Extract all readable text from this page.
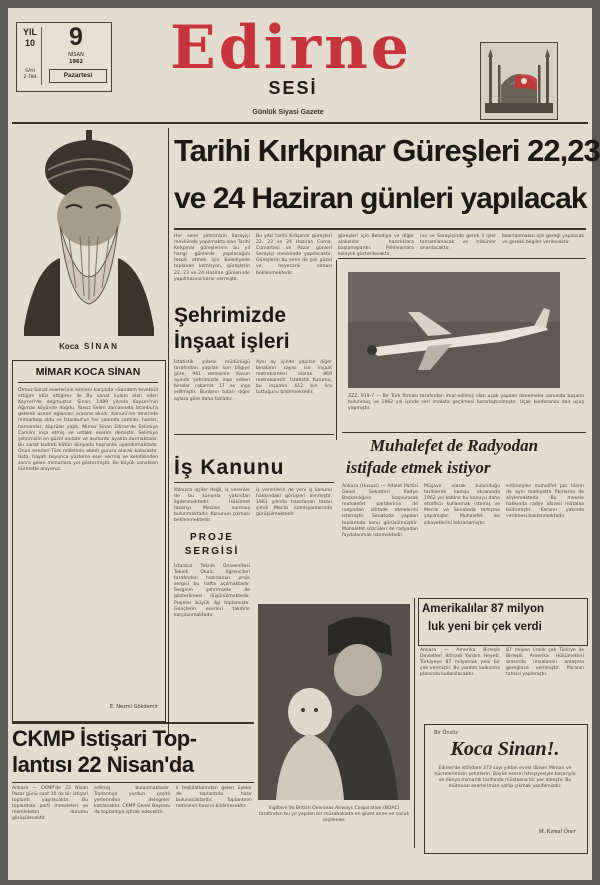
YIL 10
SAYI 2·784
9
NİSAN
1962
Pazartesi	Edirne
SESİ
Günlük Siyasi Gazete
Koca SİNAN
MİMAR KOCA SİNAN
Ölmez Sanat eserlerinin ezmeni karşında «Sanatım tevekkül ettiğim idüs ettiğim» ile Bu sanat kulanı olan eden Kayseri'de doğmuştur. Sinan, 1489 yılında Kayseri'nin Ağırnas köyünde doğdu. Yavuz Selim zamanında Istanbul'a gelerek acemi oğlanları arasına alındı. Kanuni'nin devrinde mimarbaşı oldu ve İstanbul'un her yanında camiler, hanlar, hamamlar, köprüler yaptı. Mimar Sinan Edirne'de Selimiye Camiini inşa etmiş ve ustalık eserim demiştir. Selimiye şehrimizin en güzel anıtıdır ve asırlardır ayakta durmaktadır. Bu sanat kudreti bütün dünyada hayranlık uyandırmaktadır. Onun eserleri Türk milletinin ebedi gururu olarak kalacaktır. Usta, hayatı boyunca yüzlerce eser vermiş ve kendisinden sonra gelen mimarlara yol göstermiştir. Bu büyük sanatkarı hürmetle anıyoruz.
E. Nezmi Gökdemir
Tarihi Kırkpınar Güreşleri 22,23
ve 24 Haziran günleri yapılacak
Her sene şehrimizin Sarayiçi mevkiinde yapılmakta olan Tarihi Kırkpınar güreşlerinin bu yıl hangi günlerde yapılacağını tespit etmek için Belediyede toplanan komisyon, güreşlerin 22, 23 ve 24 Haziran günlerinde yapılmasına karar vermiştir.
Bu yılki tarihi Kırkpınar güreşleri 22, 23 ve 24 Haziran Cuma, Cumartesi ve Pazar günleri Sarayiçi mevkiinde yapılacaktır. Güreşlerin bu sene de çok güzel ve heyecanlı olması beklenmektedir.
güreşleri için Belediye ve diğer alakalılar hazırlıklara başlamışlardır. Pehlivanlara kolaylık gösterilecektir.
nıa ve Sarayiçinde gerek li işler tamamlanacak ve tribünler onarılacaktır.
bazırlanmaları için gereği yapılacak ve gerekli bilgiler verilecektir.
Şehrimizde
İnşaat işleri
İstatistik şubesi müdürlüğü tarafından yapılan son bilgiye göre, 961 senesinin Kasım ayında şehrimizde inşa edilen binalar rakamla 17 ev inşa edilmiştir. Bunların tutarı diğer aylara göre daha fazladır.
Aynı ay içinde yapılan diğer binaların sayısı ise inşaat metrekareleri olarak 869 metrekaredir. İstatistik Kurumu, bu inşaatın 612 bin lira tuttuğunu bildirmektedir.
ZZZ. 919-7 — Bir Türk firması tarafından imal edilmiş olan uçak yapılan denemeler sonunda başarılı bulunmuş ve 1962 yılı içinde seri imalata geçilmesi kararlaştırılmıştır. Uçak konferansa dair uçuş yapmıştır.
Muhalefet de Radyodan
istifade etmek istiyor
Ankara (Hususi) — Adalet Partisi Genel Sekreteri Radyo Başkanlığına başvurarak muhalefet partilerinin de radyodan istifade etmelerini istemiştir. Senatoda yapılan toplantıda konu görüşülmüştür. Muhalefet sözcüleri de radyodan faydalanmak istemektedir.
Müşavir olarak bulunduğu tarihlerde komşu ekranında 1962 yılı kabine bu konuyu daha etraflıca kullanmak istemiş ve Meclis ve Senatoda tartışma yapılmıştır. Muhalefet ise şikayetlerini tekrarlamıştır.
estimeylen muhalifet par tilerin de aynı mahiyette fikirlerini de söylemektedir. Bu mesele hakkında radyo idaresi mütalaa bildirmiştir. Kararın yakında verilmesi beklenmektedir.
İş Kanunu
Yalnızca işçiler değil, iş verenler de bu kanunla yakından ilgilenmektedir. Hükümet tasarıyı Meclise sunmuş bulunmaktadır. Kanunun çıkması beklenmektedir.
iş verenlerin de yeni iş kanunu hakkındaki görüşleri alınmıştır. 1961 yılında hazırlanan tasarı şimdi Meclis komisyonlarında görüşülmektedir.
PROJE
SERGİSİ
İstanbul Teknik Üniversitesi Teknik Okulu öğrencileri tarafından hazırlanan proje sergisi bu hafta açılmaktadır. Serginin şehrimizde de gösterilmesi düşünülmektedir. Projeler büyük ilgi toplamıştır. Gençlerin eserleri takdirle karşılanmaktadır.
İngiltere'de British Overseas Airways Corporation (BOAC) tarafından bu yıl yapılan bir müsabakada en güzel anne ve çocuk seçilenler.
Amerikalılar 87 milyon
luk yeni bir çek verdi
Ankara — Amerika Birleşik Devletleri İktisadi Yardım Heyeti, Türkiyeye 87 milyonluk yeni bir çek vermiştir. Bu yardım kalkınma planında kullanılacaktır.
87 milyon liralık çek Türkiye ile Birleşik Amerika Hükümetleri arasında imzalanan anlaşma gereğince verilmiştir. Paranın tahsisi yapılmıştır.
Bir Önsöz
Koca Sinan!.
Edirne'de istihdam 373 sayı yıldan evvel dönen Mimarı ve hücrelerimizin şehirlerin. Büyük eserin İstisşiyesiyle başarıyla ve dünya mimarlık tarihinde müstesna bir yer almıştır. Bu mütevazı eserlerimize sahip çıkmak vazifemizdir.
M. Kemal Öner
CKMP İstişari Top-
lantısı 22 Nisan'da
Ankara — CKMP'de 22 Nisan Pazar günü saat 10 da bir istişari toplantı yapılacaktır. Bu toplantıda parti meseleleri ve memleketin durumu görüşülecektir.
edilmiş bulunmaktadır. Toplantıya yurdun çeşitli yerlerinden delegeler katılacaktır. CKMP Genel Başkanı da toplantıya iştirak edecektir.
il teşkilatlarından gelen üyeler de toplantıda hazır bulunacaklardır. Toplantının neticeleri basına bildirilecektir.
